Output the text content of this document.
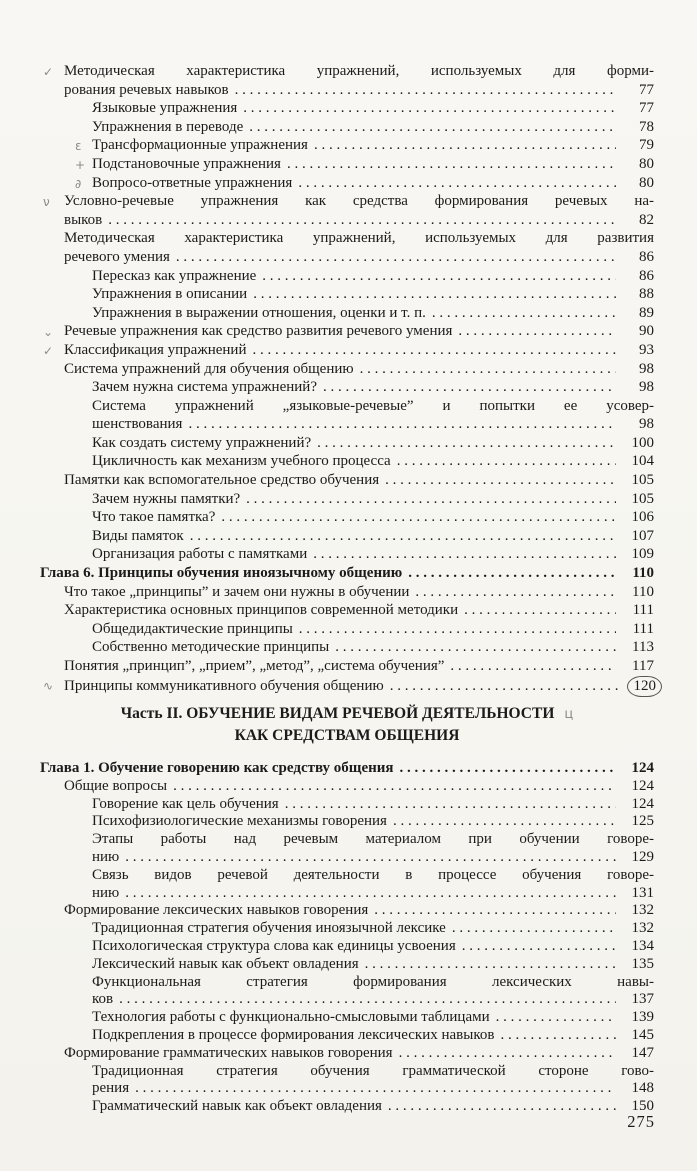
✓ Методическая характеристика упражнений, используемых для форми-
рования речевых навыков . . .	77
Языковые упражнения . . .	77
Упражнения в переводе . . .	78
ε Трансформационные упражнения . . .	79
+ Подстановочные упражнения . . .	80
∂ Вопросо-ответные упражнения . . .	80
ν Условно-речевые упражнения как средства формирования речевых на-
выков . . .	82
Методическая характеристика упражнений, используемых для развития
речевого умения . . .	86
Пересказ как упражнение . . .	86
Упражнения в описании . . .	88
Упражнения в выражении отношения, оценки и т. п. . . .	89
⌄ Речевые упражнения как средство развития речевого умения . . .	90
✓ Классификация упражнений . . .	93
Система упражнений для обучения общению . . .	98
Зачем нужна система упражнений? . . .	98
Система упражнений „языковые-речевые” и попытки ее усовер-
шенствования . . .	98
Как создать систему упражнений? . . .	100
Цикличность как механизм учебного процесса . . .	104
Памятки как вспомогательное средство обучения . . .	105
Зачем нужны памятки? . . .	105
Что такое памятка? . . .	106
Виды памяток . . .	107
Организация работы с памятками . . .	109
Глава 6. Принципы обучения иноязычному общению . . .	110
Что такое „принципы” и зачем они нужны в обучении . . .	110
Характеристика основных принципов современной методики . . .	111
Общедидактические принципы . . .	111
Собственно методические принципы . . .	113
Понятия „принцип”, „прием”, „метод”, „система обучения” . . .	117
∿ Принципы коммуникативного обучения общению . . .	120
Часть II. ОБУЧЕНИЕ ВИДАМ РЕЧЕВОЙ ДЕЯТЕЛЬНОСТИ ц
КАК СРЕДСТВАМ ОБЩЕНИЯ
Глава 1. Обучение говорению как средству общения . . .	124
Общие вопросы . . .	124
Говорение как цель обучения . . .	124
Психофизиологические механизмы говорения . . .	125
Этапы работы над речевым материалом при обучении говоре-
нию . . .	129
Связь видов речевой деятельности в процессе обучения говоре-
нию . . .	131
Формирование лексических навыков говорения . . .	132
Традиционная стратегия обучения иноязычной лексике . . .	132
Психологическая структура слова как единицы усвоения . . .	134
Лексический навык как объект овладения . . .	135
Функциональная стратегия формирования лексических навы-
ков . . .	137
Технология работы с функционально-смысловыми таблицами . . .	139
Подкрепления в процессе формирования лексических навыков . . .	145
Формирование грамматических навыков говорения . . .	147
Традиционная стратегия обучения грамматической стороне гово-
рения . . .	148
Грамматический навык как объект овладения . . .	150
275
